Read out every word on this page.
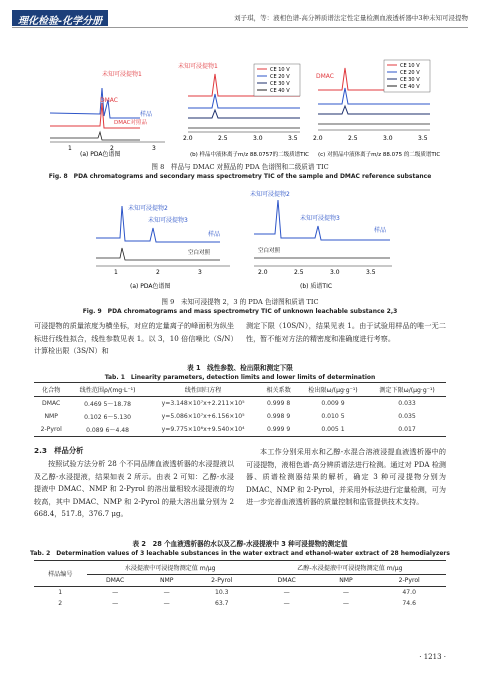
理化检验-化学分册	刘子琪，等：液相色谱-高分辨质谱法定性定量检测血液透析器中3种未知可浸提物
未知可浸提物1
DMAC
样品
DMAC对照品
1	2	3
未知可浸提物1	CE 10 V
CE 20 V
CE 30 V
CE 40 V
2.0	2.5	3.0	3.5
DMAC
CE 10 V
CE 20 V
CE 30 V
CE 40 V
2.0	2.5	3.0	3.5
(a) PDA色谱图	(b) 样品中液体离子m/z 88.0757的二级质谱TIC (c) 对照品中液体离子m/z 88.075 的二级质谱TIC
图 8　样品与 DMAC 对照品的 PDA 色谱图和二级质谱 TIC
Fig. 8　PDA chromatograms and secondary mass spectrometry TIC of the sample and DMAC reference substance
未知可浸提物2
未知可浸提物3
样品
空白对照
1	2	3
未知可浸提物2
未知可浸提物3
样品
空白对照
2.0	2.5	3.0	3.5
(a) PDA色谱图	(b) 质谱TIC
图 9　未知可浸提物 2，3 的 PDA 色谱图和质谱 TIC
Fig. 9　PDA chromatograms and mass spectrometry TIC of unknown leachable substance 2,3
可浸提物的质量浓度为横坐标，对应的定量离子的峰面积为纵坐标进行线性拟合，线性参数见表 1。以 3，10 倍信噪比（S/N）计算检出限（3S/N）和
测定下限（10S/N），结果见表 1。由于试验用样品的唯一无二性，暂不能对方法的精密度和准确度进行考察。
表 1　线性参数、检出限和测定下限
Tab. 1　Linearity parameters, detection limits and lower limits of determination
化合物	线性范围ρ/(mg·L⁻¹)	线性回归方程	相关系数	检出限ω/(μg·g⁻¹)	测定下限ω/(μg·g⁻¹)
DMAC	0.469 5～18.78	y=3.148×10⁷x+2.211×10⁵	0.999 8	0.009 9	0.033
NMP	0.102 6～5.130	y=5.086×10⁷x+6.156×10⁵	0.998 9	0.010 5	0.035
2-Pyrol	0.089 6～4.48	y=9.775×10⁶x+9.540×10⁴	0.999 9	0.005 1	0.017
2.3　样品分析
按照试验方法分析 28 个不同品牌血液透析器的水浸提液以及乙醇-水浸提液，结果如表 2 所示。由表 2 可知：乙醇-水浸提液中 DMAC、NMP 和 2-Pyrol 的溶出量相较水浸提液的均较高，其中 DMAC、NMP 和 2-Pyrol 的最大溶出量分别为 2 668.4，517.8，376.7 μg。
本工作分别采用水和乙醇-水混合溶液浸提血液透析器中的可浸提物，液相色谱-高分辨质谱法进行检测。通过对 PDA 检测器、质谱检测器结果的解析，确定 3 种可浸提物分别为 DMAC、NMP 和 2-Pyrol，并采用外标法进行定量检测，可为进一步完善血液透析器的质量控制和监管提供技术支持。
表 2　28 个血液透析器的水以及乙醇-水浸提液中 3 种可浸提物的测定值
Tab. 2　Determination values of 3 leachable substances in the water extract and ethanol-water extract of 28 hemodialyzers
样品编号	水浸提液中可浸提物测定值 m/μg			乙醇-水浸提液中可浸提物测定值 m/μg		
	DMAC	NMP	2-Pyrol	DMAC	NMP	2-Pyrol
1	—	—	10.3	—	—	47.0
2	—	—	63.7	—	—	74.6
· 1213 ·
